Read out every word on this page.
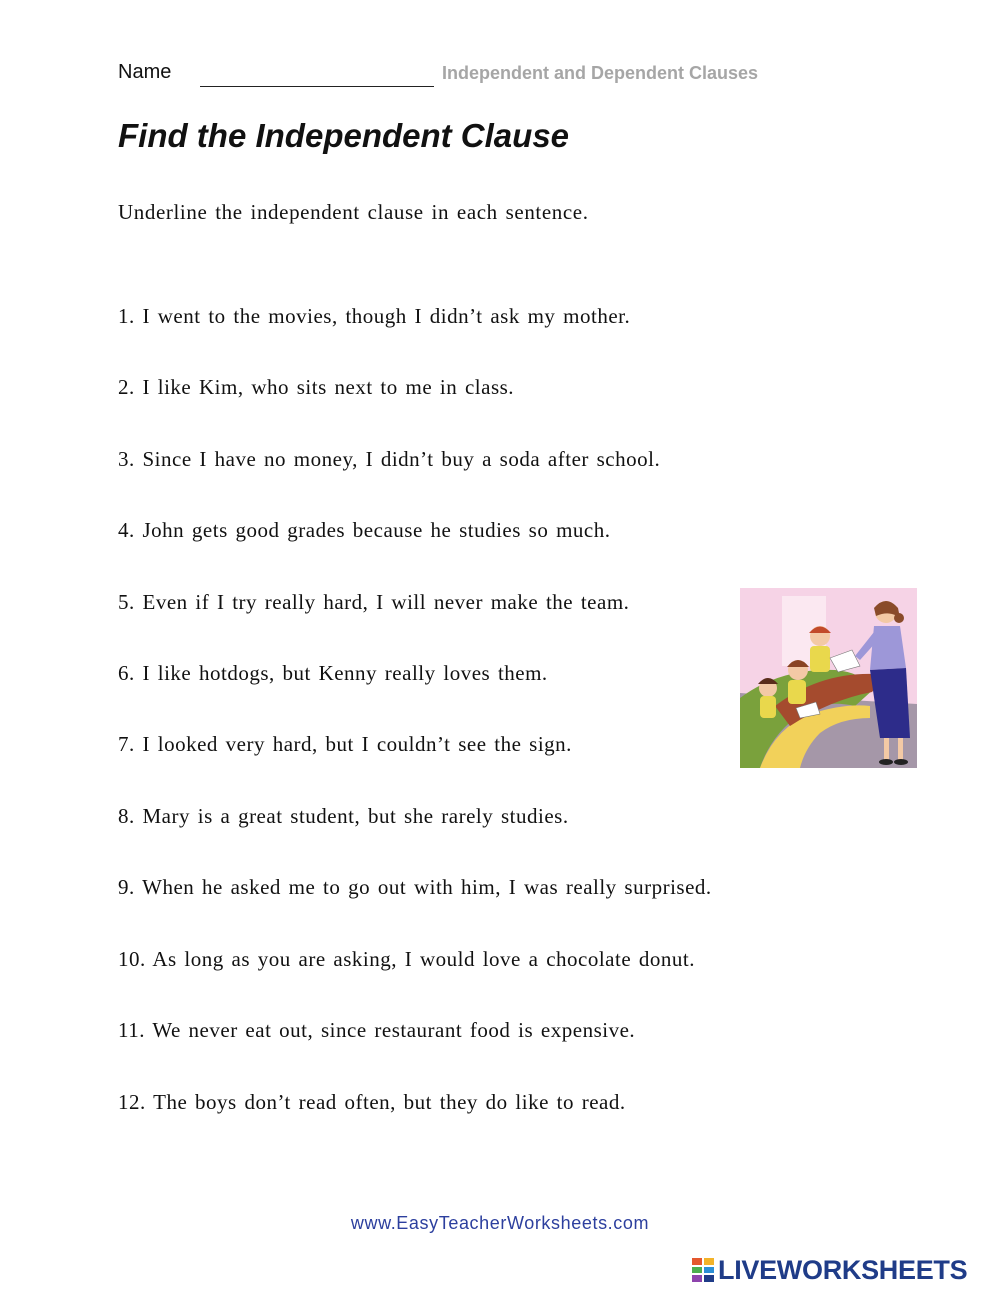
Name	Independent and Dependent Clauses
Find the Independent Clause
Underline the independent clause in each sentence.
1. I went to the movies, though I didn’t ask my mother.
2. I like Kim, who sits next to me in class.
3. Since I have no money, I didn’t buy a soda after school.
4. John gets good grades because he studies so much.
5. Even if I try really hard, I will never make the team.
6. I like hotdogs, but Kenny really loves them.
7. I looked very hard, but I couldn’t see the sign.
8. Mary is a great student, but she rarely studies.
9. When he asked me to go out with him, I was really surprised.
10. As long as you are asking, I would love a chocolate donut.
11. We never eat out, since restaurant food is expensive.
12. The boys don’t read often, but they do like to read.
www.EasyTeacherWorksheets.com
LIVEWORKSHEETS
